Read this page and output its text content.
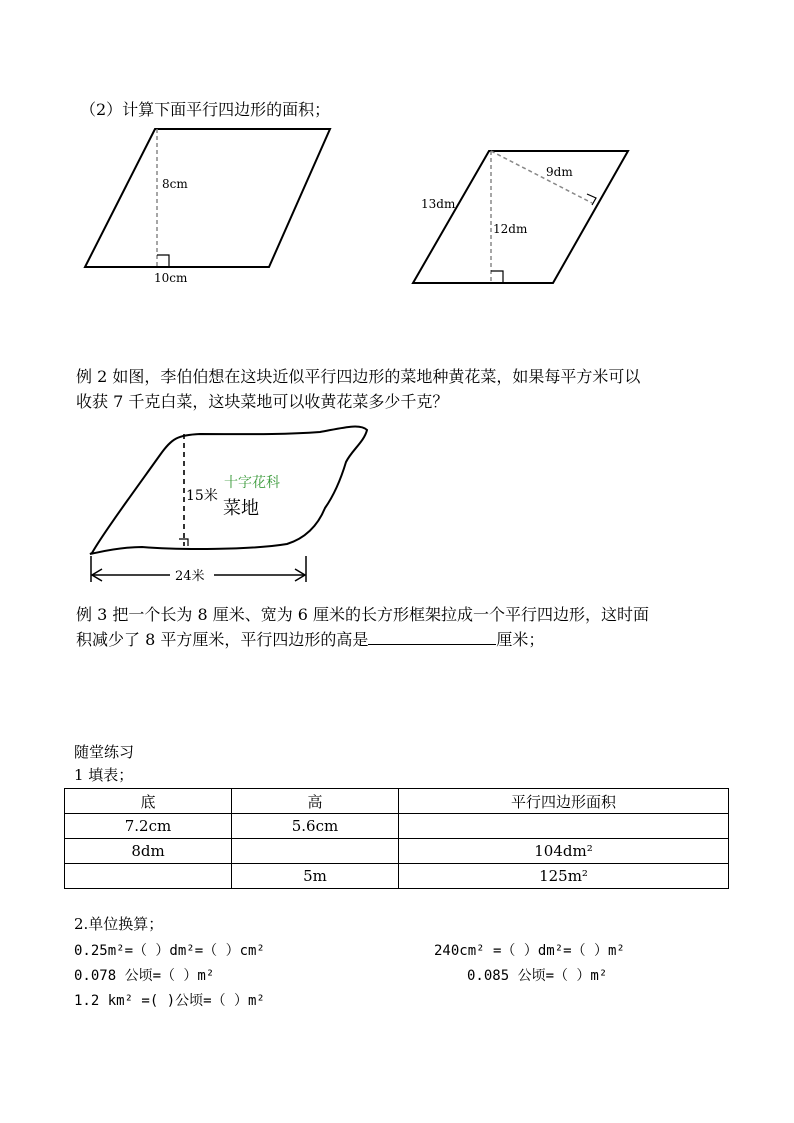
（2）计算下面平行四边形的面积；
8cm
10cm
13dm
9dm
12dm
例 2 如图，李伯伯想在这块近似平行四边形的菜地种黄花菜，如果每平方米可以
收获 7 千克白菜，这块菜地可以收黄花菜多少千克？
15米
十字花科
菜地
24米
例 3 把一个长为 8 厘米、宽为 6 厘米的长方形框架拉成一个平行四边形，这时面
积减少了 8 平方厘米，平行四边形的高是	厘米；
随堂练习
1 填表；
底	高	平行四边形面积
7.2cm	5.6cm	
8dm		104dm²
	5m	125m²
2.单位换算；
0.25m²=（ ）dm²=（ ）cm²	240cm² =（ ）dm²=（ ）m²
0.078 公顷=（ ）m²	0.085 公顷=（ ）m²
1.2 km² =( )公顷=（ ）m²
